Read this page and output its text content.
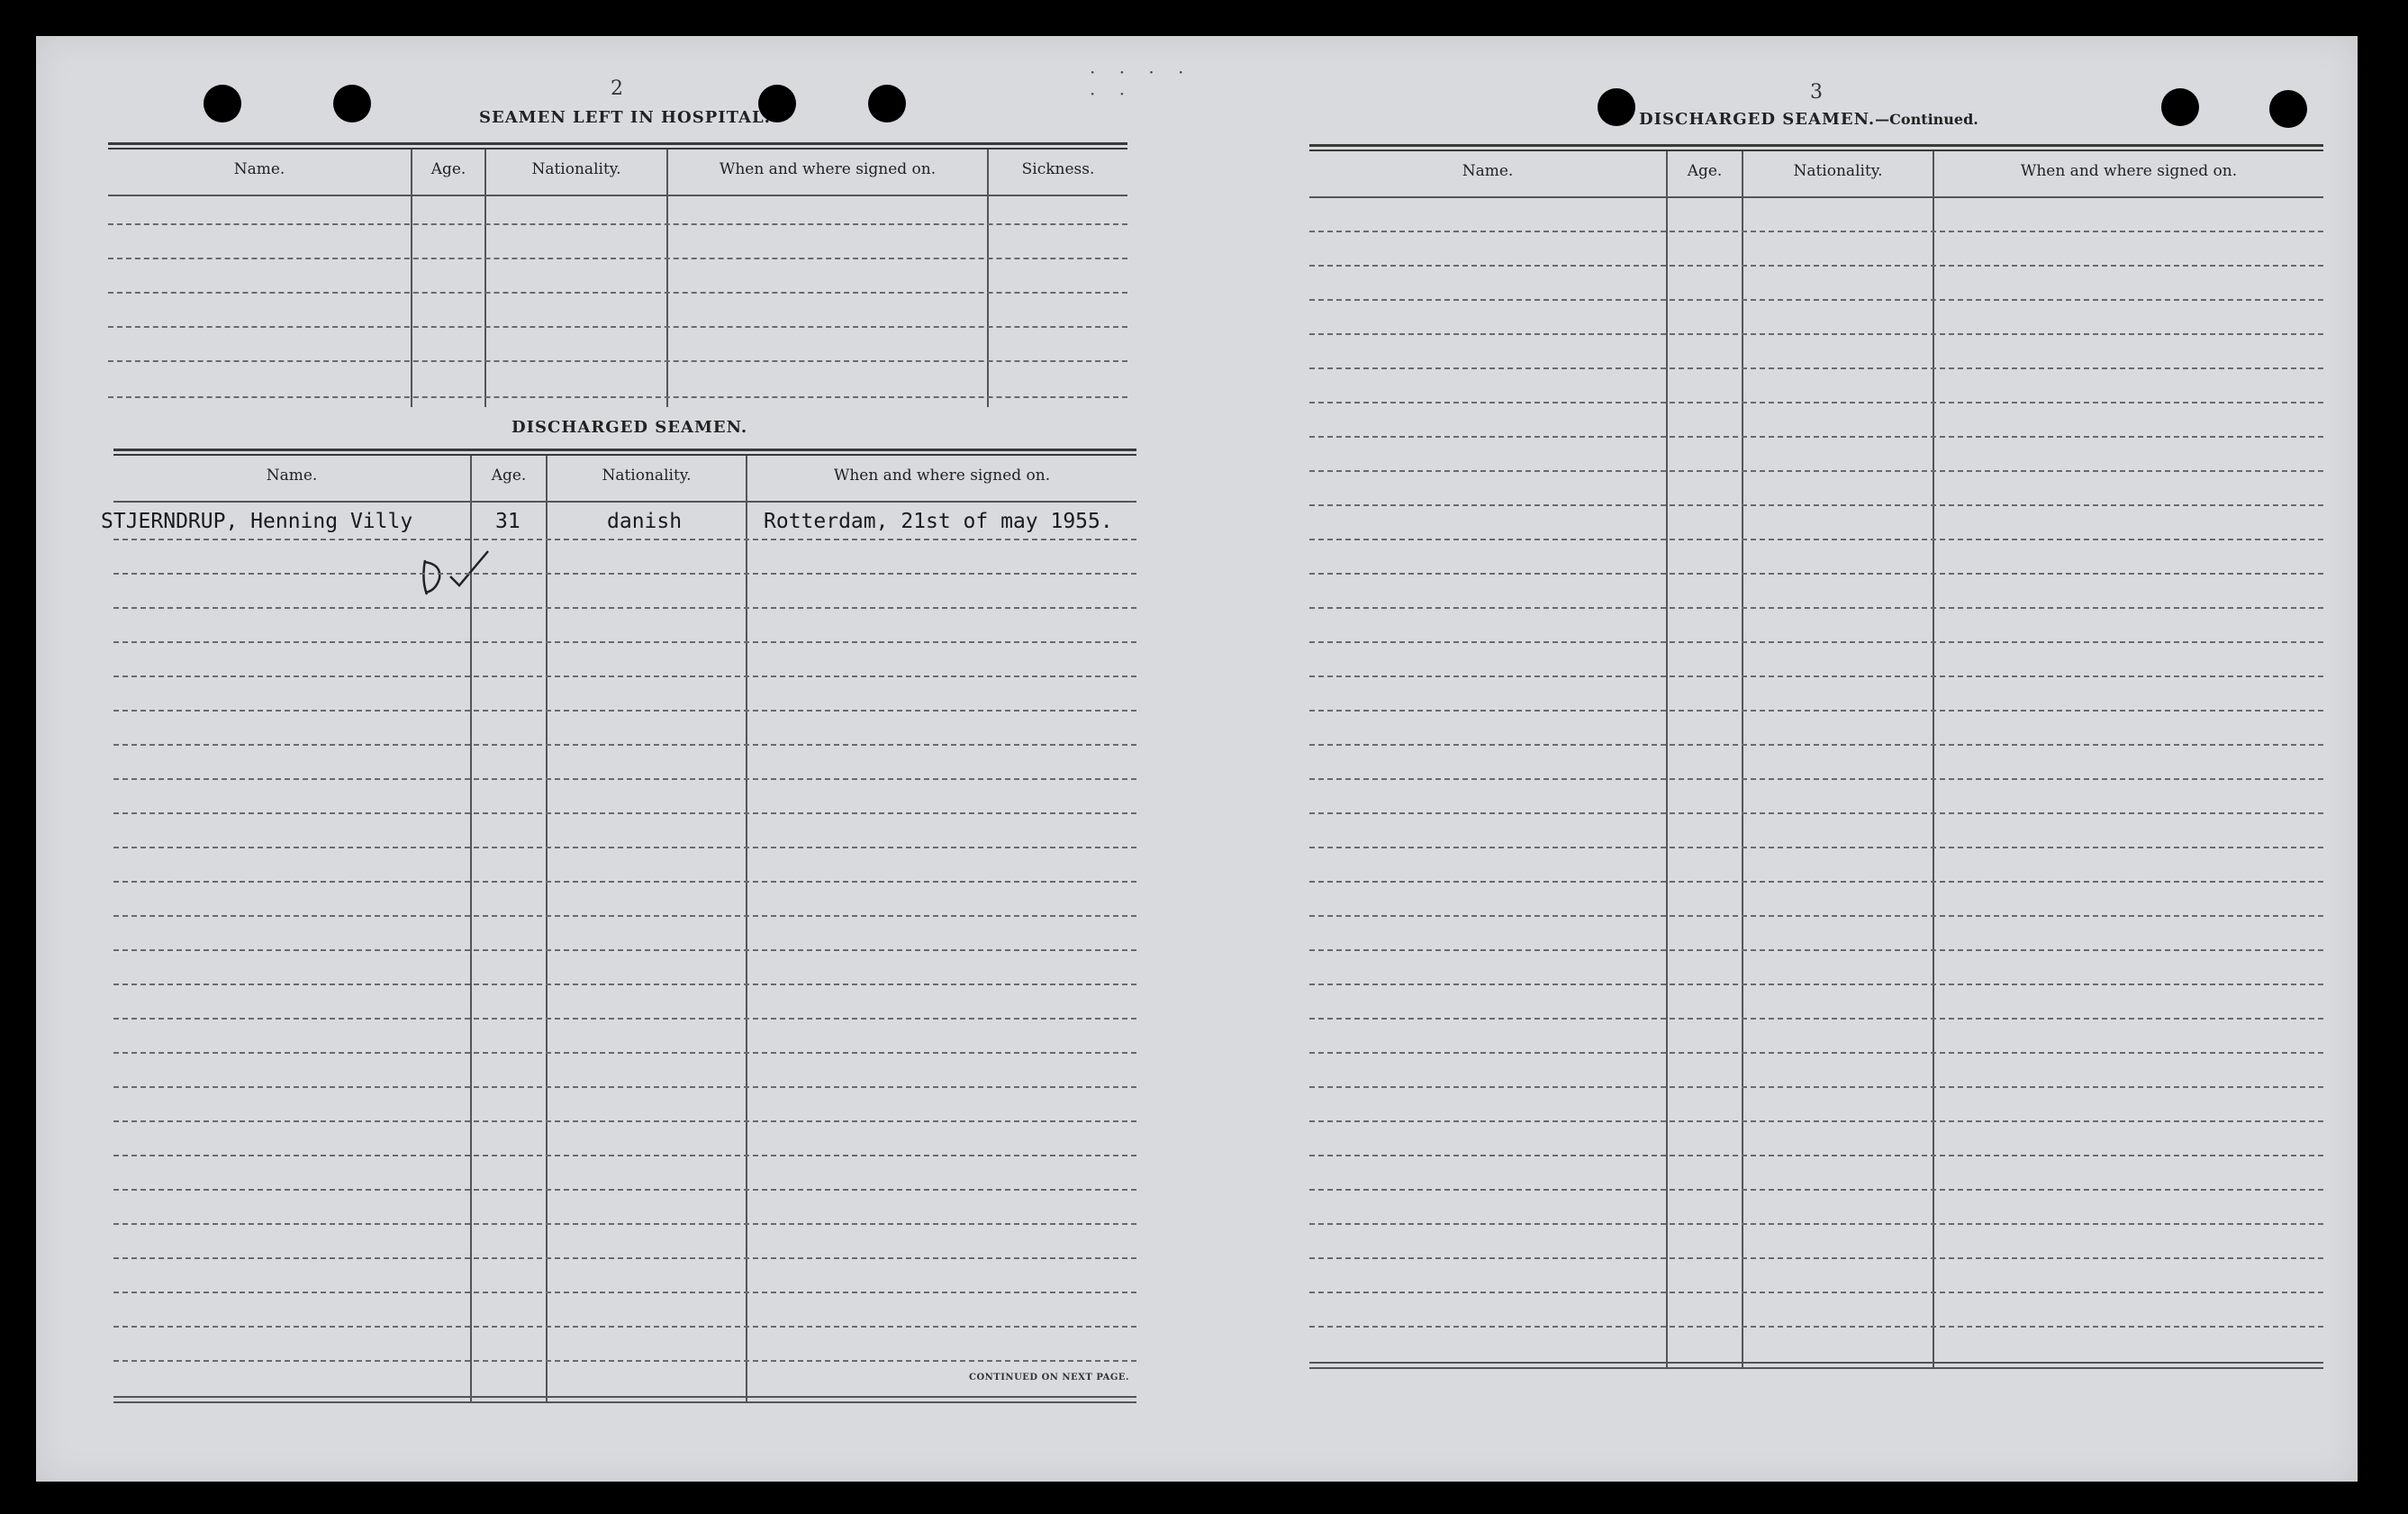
2
· · · · · ·
SEAMEN LEFT IN HOSPITAL.
Name.	Age.	Nationality.	When and where signed on.	Sickness.
DISCHARGED SEAMEN.
Name.	Age.	Nationality.	When and where signed on.
STJERNDRUP, Henning Villy	31	danish	Rotterdam, 21st of may 1955.
CONTINUED ON NEXT PAGE.
3
DISCHARGED SEAMEN.—Continued.
Name.	Age.	Nationality.	When and where signed on.
